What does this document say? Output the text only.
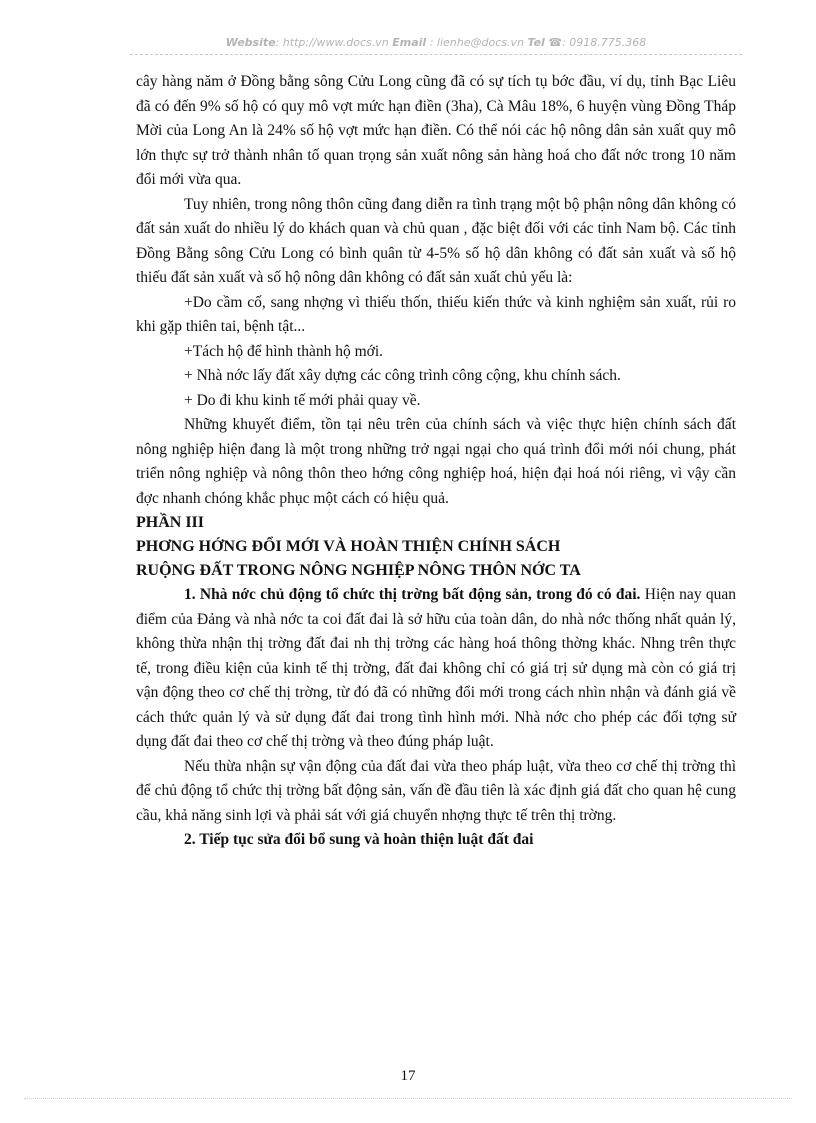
Website: http://www.docs.vn Email : lienhe@docs.vn Tel ☎: 0918.775.368

cây hàng năm ở Đồng bằng sông Cửu Long cũng đã có sự tích tụ bớc đầu, ví dụ, tỉnh Bạc Liêu đã có đến 9% số hộ có quy mô vợt mức hạn điền (3ha), Cà Mâu 18%, 6 huyện vùng Đồng Tháp Mời của Long An là 24% số hộ vợt mức hạn điền. Có thể nói các hộ nông dân sản xuất quy mô lớn thực sự trở thành nhân tố quan trọng sản xuất nông sản hàng hoá cho đất nớc trong 10 năm đổi mới vừa qua.

Tuy nhiên, trong nông thôn cũng đang diễn ra tình trạng một bộ phận nông dân không có đất sản xuất do nhiều lý do khách quan và chủ quan , đặc biệt đối với các tỉnh Nam bộ. Các tỉnh Đồng Bằng sông Cửu Long có bình quân từ 4-5% số hộ dân không có đất sản xuất và số hộ thiếu đất sản xuất và số hộ nông dân không có đất sản xuất chủ yếu là:

+Do cầm cố, sang nhợng vì thiếu thốn, thiếu kiến thức và kinh nghiệm sản xuất, rủi ro khi gặp thiên tai, bệnh tật...

+Tách hộ để hình thành hộ mới.

+ Nhà nớc lấy đất xây dựng các công trình công cộng, khu chính sách.

+ Do đi khu kinh tế mới phải quay về.

Những khuyết điểm, tồn tại nêu trên của chính sách và việc thực hiện chính sách đất nông nghiệp hiện đang là một trong những trở ngại ngại cho quá trình đổi mới nói chung, phát triển nông nghiệp và nông thôn theo hớng công nghiệp hoá, hiện đại hoá nói riêng, vì vậy cần đợc nhanh chóng khắc phục một cách có hiệu quả.

PHẦN III

PHƠNG HỚNG ĐỔI MỚI VÀ HOÀN THIỆN CHÍNH SÁCH

RUỘNG ĐẤT TRONG NÔNG NGHIỆP NÔNG THÔN NỚC TA

1. Nhà nớc chủ động tổ chức thị trờng bất động sản, trong đó có đai. Hiện nay quan điểm của Đảng và nhà nớc ta coi đất đai là sở hữu của toàn dân, do nhà nớc thống nhất quản lý, không thừa nhận thị trờng đất đai nh thị trờng các hàng hoá thông thờng khác. Nhng trên thực tế, trong điều kiện của kinh tế thị trờng, đất đai không chỉ có giá trị sử dụng mà còn có giá trị vận động theo cơ chế thị trờng, từ đó đã có những đổi mới trong cách nhìn nhận và đánh giá về cách thức quản lý và sử dụng đất đai trong tình hình mới. Nhà nớc cho phép các đối tợng sử dụng đất đai theo cơ chế thị trờng và theo đúng pháp luật.

Nếu thừa nhận sự vận động của đất đai vừa theo pháp luật, vừa theo cơ chế thị trờng thì để chủ động tổ chức thị trờng bất động sản, vấn đề đầu tiên là xác định giá đất cho quan hệ cung cầu, khả năng sinh lợi và phải sát với giá chuyển nhợng thực tế trên thị trờng.

2. Tiếp tục sửa đổi bổ sung và hoàn thiện luật đất đai

17
